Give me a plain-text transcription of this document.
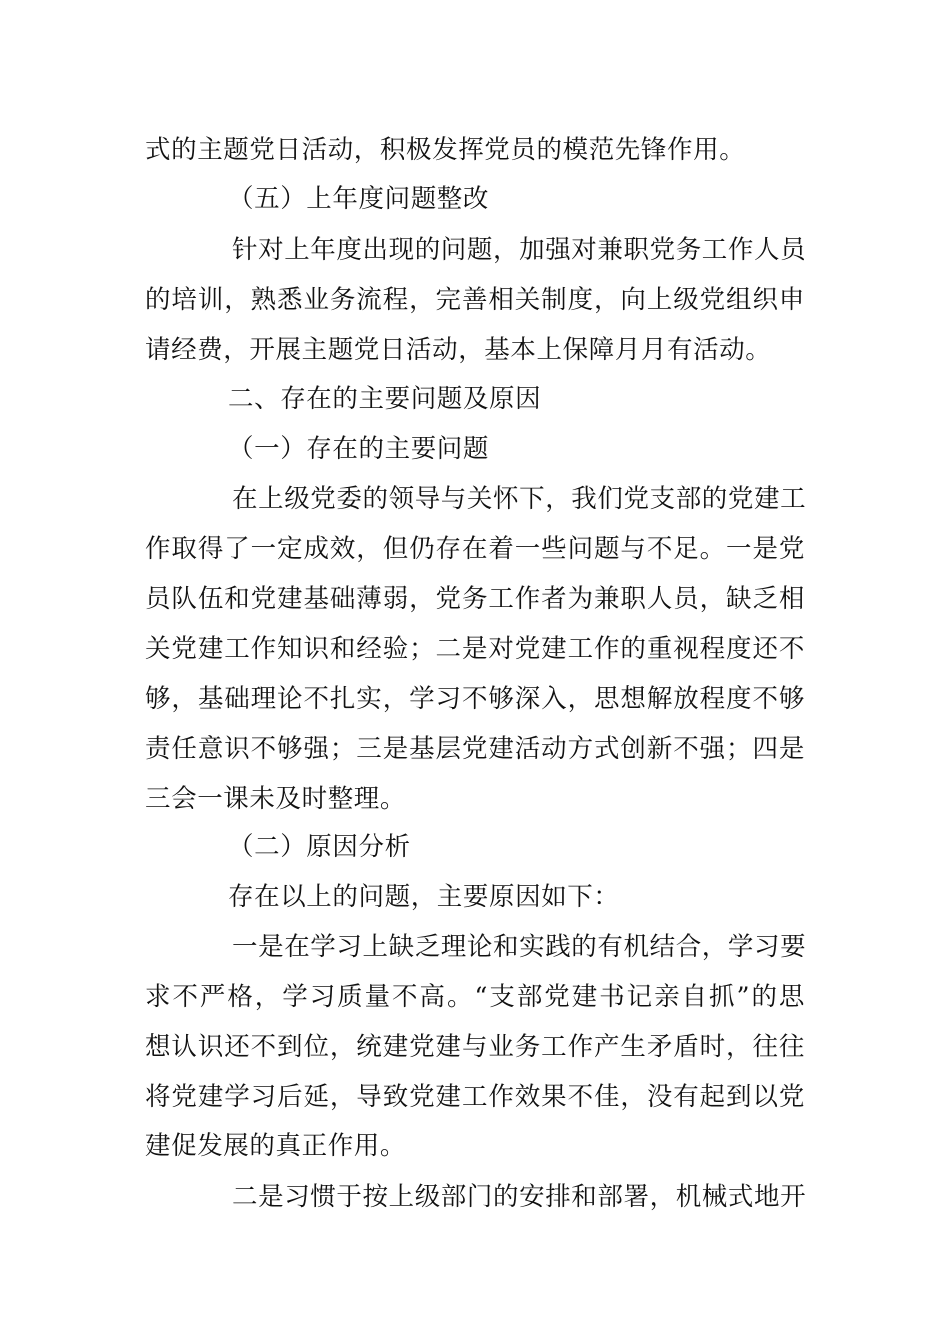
式的主题党日活动，积极发挥党员的模范先锋作用。
（五）上年度问题整改
针对上年度出现的问题，加强对兼职党务工作人员
的培训，熟悉业务流程，完善相关制度，向上级党组织申
请经费，开展主题党日活动，基本上保障月月有活动。
二、存在的主要问题及原因
（一）存在的主要问题
在上级党委的领导与关怀下，我们党支部的党建工
作取得了一定成效，但仍存在着一些问题与不足。一是党
员队伍和党建基础薄弱，党务工作者为兼职人员，缺乏相
关党建工作知识和经验；二是对党建工作的重视程度还不
够，基础理论不扎实，学习不够深入，思想解放程度不够
责任意识不够强；三是基层党建活动方式创新不强；四是
三会一课未及时整理。
（二）原因分析
存在以上的问题，主要原因如下：
一是在学习上缺乏理论和实践的有机结合，学习要
求不严格，学习质量不高。“支部党建书记亲自抓”的思
想认识还不到位，统建党建与业务工作产生矛盾时，往往
将党建学习后延，导致党建工作效果不佳，没有起到以党
建促发展的真正作用。
二是习惯于按上级部门的安排和部署，机械式地开
